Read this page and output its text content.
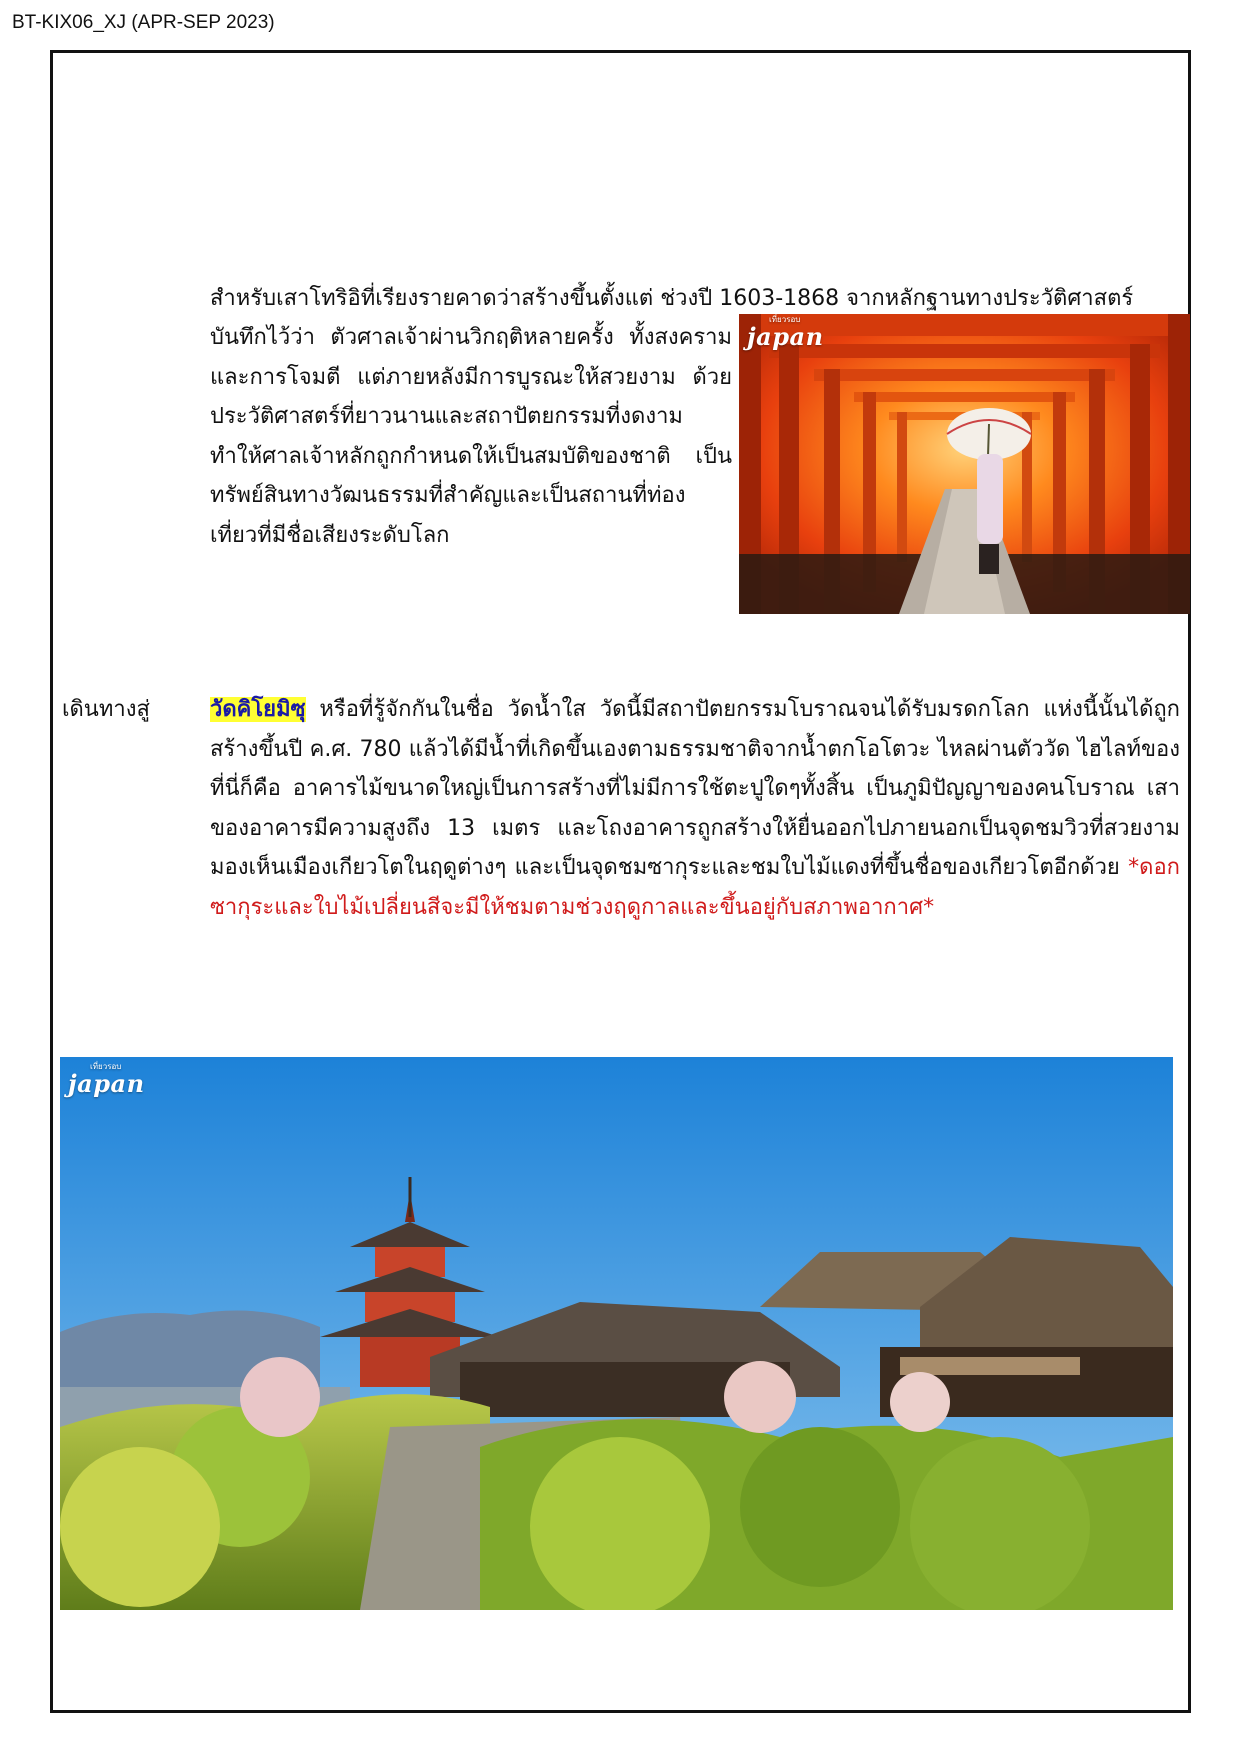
BT-KIX06_XJ (APR-SEP 2023)
เที่ยวรอบ
japan
สำหรับเสาโทริอิที่เรียงรายคาดว่าสร้างขึ้นตั้งแต่ ช่วงปี 1603-1868 จากหลักฐานทางประวัติศาสตร์
บันทึกไว้ว่า ตัวศาลเจ้าผ่านวิกฤติหลายครั้ง ทั้งสงคราม และการโจมตี แต่ภายหลังมีการบูรณะให้สวยงาม ด้วยประวัติศาสตร์ที่ยาวนานและสถาปัตยกรรมที่งดงาม ทำให้ศาลเจ้าหลักถูกกำหนดให้เป็นสมบัติของชาติ เป็นทรัพย์สินทางวัฒนธรรมที่สำคัญและเป็นสถานที่ท่องเที่ยวที่มีชื่อเสียงระดับโลก
เดินทางสู่	วัดคิโยมิซุ หรือที่รู้จักกันในชื่อ วัดน้ำใส วัดนี้มีสถาปัตยกรรมโบราณจนได้รับมรดกโลก แห่งนี้นั้นได้ถูกสร้างขึ้นปี ค.ศ. 780 แล้วได้มีน้ำที่เกิดขึ้นเองตามธรรมชาติจากน้ำตกโอโตวะ ไหลผ่านตัววัด ไฮไลท์ของที่นี่ก็คือ อาคารไม้ขนาดใหญ่เป็นการสร้างที่ไม่มีการใช้ตะปูใดๆทั้งสิ้น เป็นภูมิปัญญาของคนโบราณ เสาของอาคารมีความสูงถึง 13 เมตร และโถงอาคารถูกสร้างให้ยื่นออกไปภายนอกเป็นจุดชมวิวที่สวยงาม มองเห็นเมืองเกียวโตในฤดูต่างๆ และเป็นจุดชมซากุระและชมใบไม้แดงที่ขึ้นชื่อของเกียวโตอีกด้วย *ดอกซากุระและใบไม้เปลี่ยนสีจะมีให้ชมตามช่วงฤดูกาลและขึ้นอยู่กับสภาพอากาศ*
เที่ยวรอบ
japan
